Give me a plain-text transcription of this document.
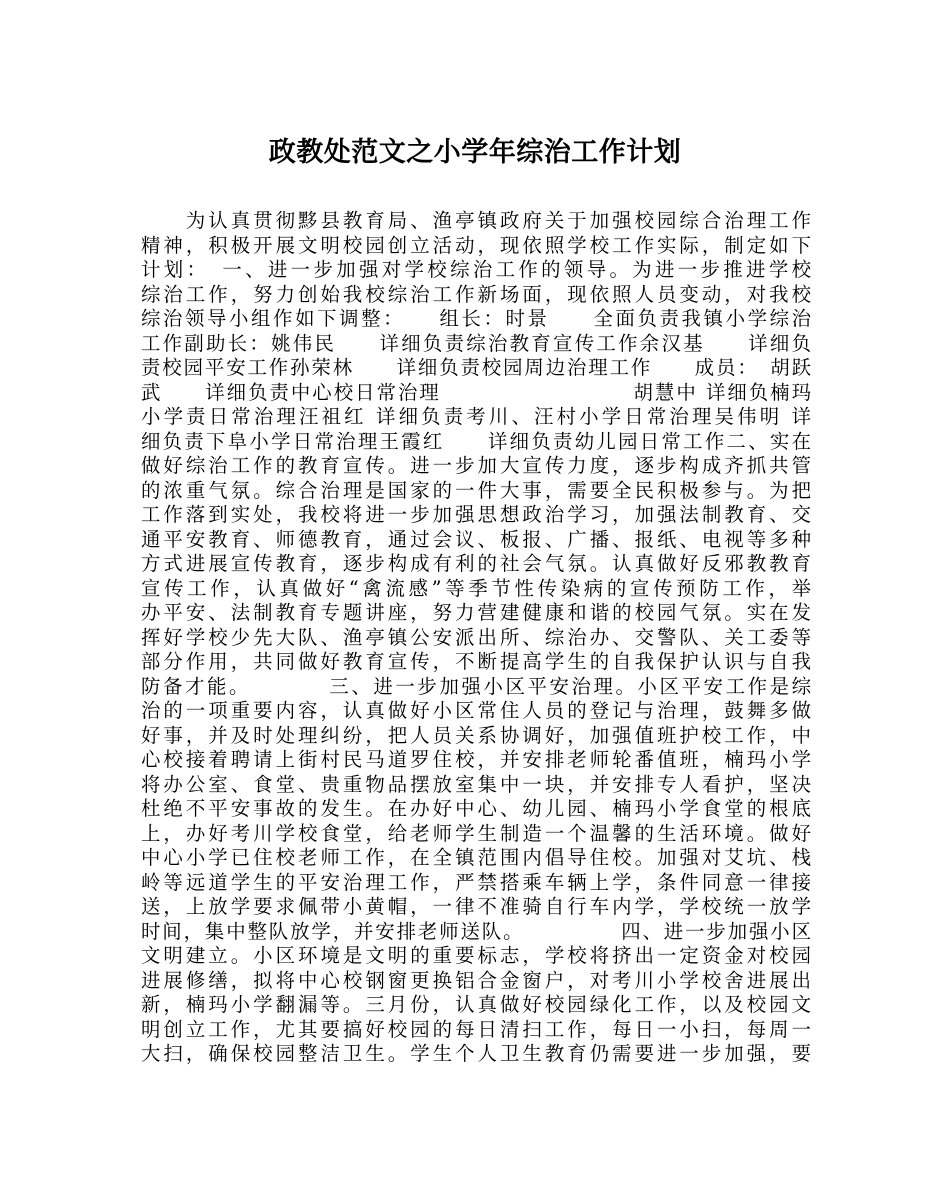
政教处范文之小学年综治工作计划
　　为认真贯彻黟县教育局、渔亭镇政府关于加强校园综合治理工作
精神，积极开展文明校园创立活动，现依照学校工作实际，制定如下
计划：　一、进一步加强对学校综治工作的领导。为进一步推进学校
综治工作，努力创始我校综治工作新场面，现依照人员变动，对我校
综治领导小组作如下调整：　　组长：时景　　全面负责我镇小学综治
工作副助长：姚伟民　　详细负责综治教育宣传工作余汉基　　详细负
责校园平安工作孙荣林　　详细负责校园周边治理工作　　成员：　胡跃
武　　详细负责中心校日常治理　　　　　　　　　胡慧中 详细负楠玛
小学责日常治理汪祖红 详细负责考川、汪村小学日常治理吴伟明 详
细负责下阜小学日常治理王霞红　　详细负责幼儿园日常工作二、实在
做好综治工作的教育宣传。进一步加大宣传力度，逐步构成齐抓共管
的浓重气氛。综合治理是国家的一件大事，需要全民积极参与。为把
工作落到实处，我校将进一步加强思想政治学习，加强法制教育、交
通平安教育、师德教育，通过会议、板报、广播、报纸、电视等多种
方式进展宣传教育，逐步构成有利的社会气氛。认真做好反邪教教育
宣传工作，认真做好“禽流感”等季节性传染病的宣传预防工作，举
办平安、法制教育专题讲座，努力营建健康和谐的校园气氛。实在发
挥好学校少先大队、渔亭镇公安派出所、综治办、交警队、关工委等
部分作用，共同做好教育宣传，不断提高学生的自我保护认识与自我
防备才能。　　　　三、进一步加强小区平安治理。小区平安工作是综
治的一项重要内容，认真做好小区常住人员的登记与治理，鼓舞多做
好事，并及时处理纠纷，把人员关系协调好，加强值班护校工作，中
心校接着聘请上街村民马道罗住校，并安排老师轮番值班，楠玛小学
将办公室、食堂、贵重物品摆放室集中一块，并安排专人看护，坚决
杜绝不平安事故的发生。在办好中心、幼儿园、楠玛小学食堂的根底
上，办好考川学校食堂，给老师学生制造一个温馨的生活环境。做好
中心小学已住校老师工作，在全镇范围内倡导住校。加强对艾坑、栈
岭等远道学生的平安治理工作，严禁搭乘车辆上学，条件同意一律接
送，上放学要求佩带小黄帽，一律不准骑自行车内学，学校统一放学
时间，集中整队放学，并安排老师送队。　　　　　四、进一步加强小区
文明建立。小区环境是文明的重要标志，学校将挤出一定资金对校园
进展修缮，拟将中心校钢窗更换铝合金窗户，对考川小学校舍进展出
新，楠玛小学翻漏等。三月份，认真做好校园绿化工作，以及校园文
明创立工作，尤其要搞好校园的每日清扫工作，每日一小扫，每周一
大扫，确保校园整洁卫生。学生个人卫生教育仍需要进一步加强，要
